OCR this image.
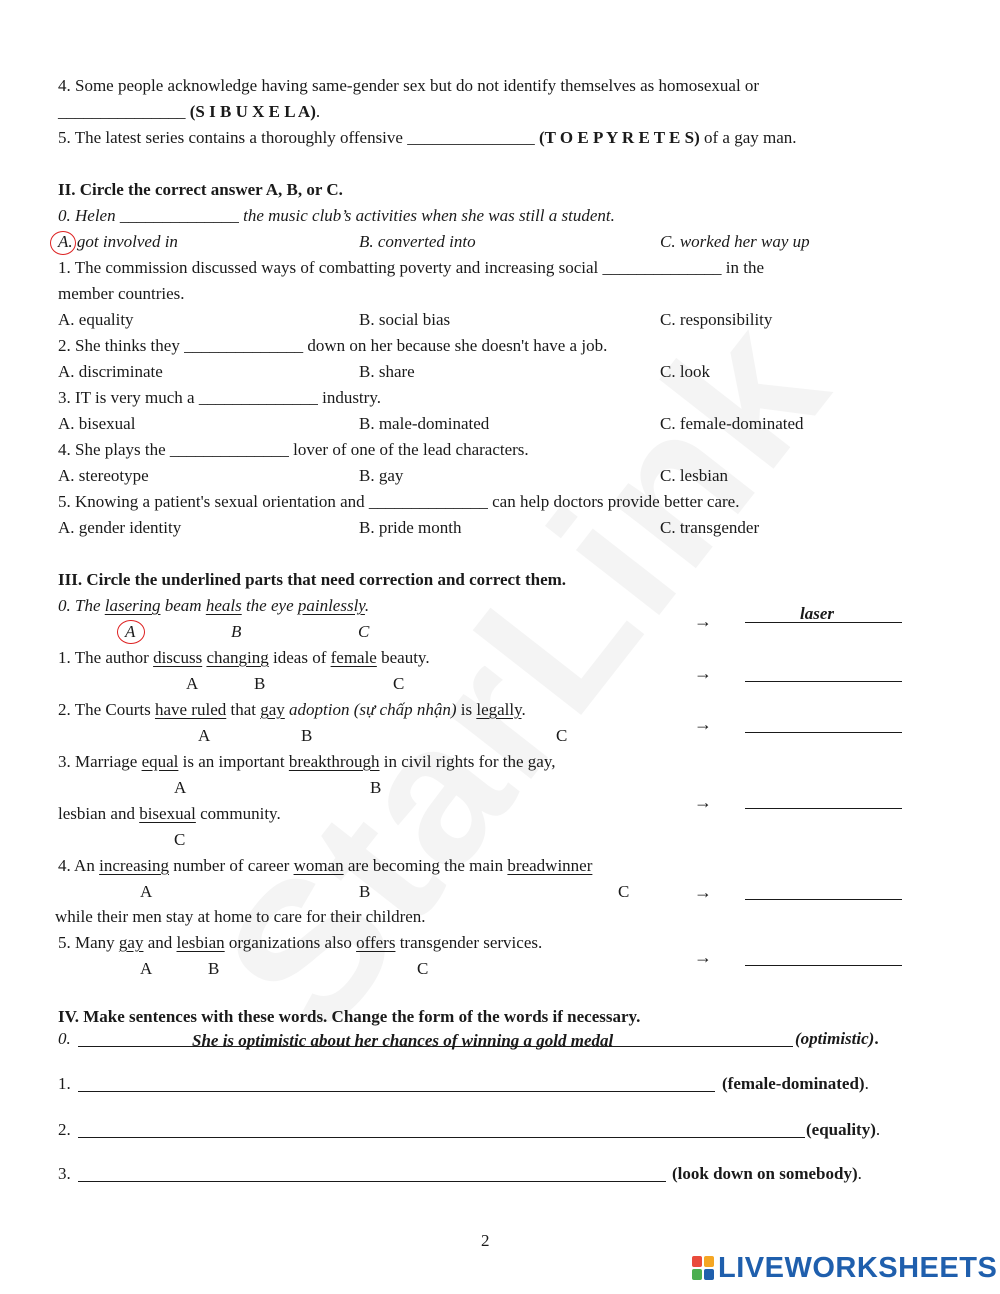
4. Some people acknowledge having same-gender sex but do not identify themselves as homosexual or
_______________ (S I B U X E L A).
5. The latest series contains a thoroughly offensive _______________ (T O E P Y R E T E S) of a gay man.
II. Circle the correct answer A, B, or C.
0. Helen ______________ the music club’s activities when she was still a student.
A. got involved in	B. converted into	C. worked her way up
1. The commission discussed ways of combatting poverty and increasing social ______________ in the
member countries.
A. equality	B. social bias	C. responsibility
2. She thinks they ______________ down on her because she doesn't have a job.
A. discriminate	B. share	C. look
3. IT is very much a ______________ industry.
A. bisexual	B. male-dominated	C. female-dominated
4. She plays the ______________ lover of one of the lead characters.
A. stereotype	B. gay	C. lesbian
5. Knowing a patient's sexual orientation and ______________ can help doctors provide better care.
A. gender identity	B. pride month	C. transgender
III. Circle the underlined parts that need correction and correct them.
0. The lasering beam heals the eye painlessly.
A	B	C
→	laser
1. The author discuss changing ideas of female beauty.
A	B	C
→
2. The Courts have ruled that gay adoption (sự chấp nhận) is legally.
A	B	C
→
3. Marriage equal is an important breakthrough in civil rights for the gay,
A	B
lesbian and bisexual community.
C
→
4. An increasing number of career woman are becoming the main breadwinner
A	B	C
while their men stay at home to care for their children.
→
5. Many gay and lesbian organizations also offers transgender services.
A	B	C
→
IV. Make sentences with these words. Change the form of the words if necessary.
0.	She is optimistic about her chances of winning a gold medal	(optimistic).
1.	(female-dominated).
2.	(equality).
3.	(look down on somebody).
2
LIVEWORKSHEETS
